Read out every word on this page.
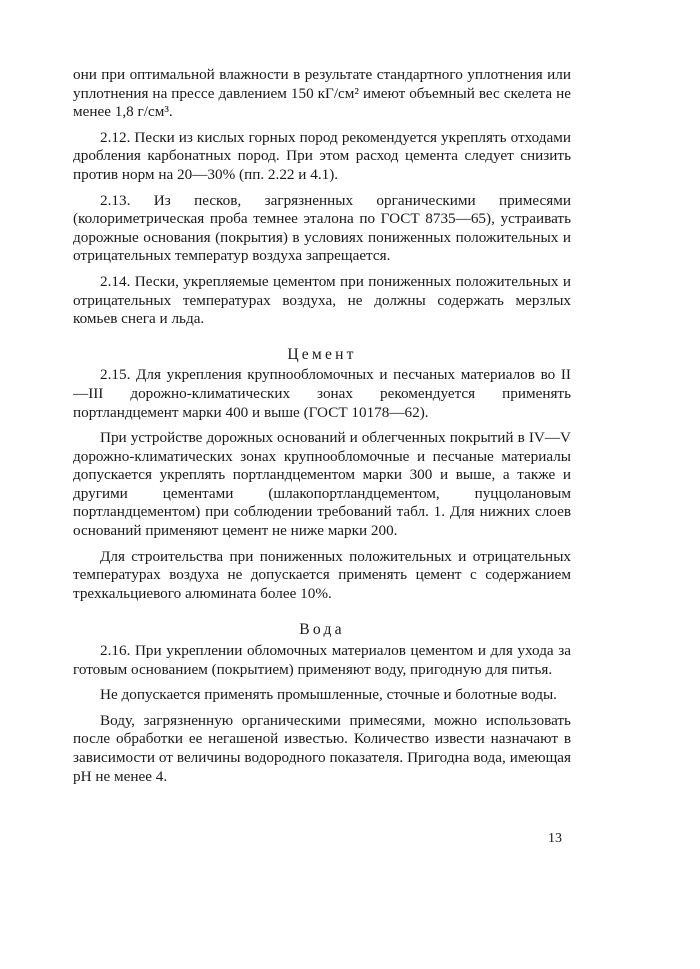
они при оптимальной влажности в результате стандартного уплотнения или уплотнения на прессе давлением 150 кГ/см² имеют объемный вес скелета не менее 1,8 г/см³.

2.12. Пески из кислых горных пород рекомендуется укреплять отходами дробления карбонатных пород. При этом расход цемента следует снизить против норм на 20—30% (пп. 2.22 и 4.1).

2.13. Из песков, загрязненных органическими примесями (колориметрическая проба темнее эталона по ГОСТ 8735—65), устраивать дорожные основания (покрытия) в условиях пониженных положительных и отрицательных температур воздуха запрещается.

2.14. Пески, укрепляемые цементом при пониженных положительных и отрицательных температурах воздуха, не должны содержать мерзлых комьев снега и льда.

Цемент

2.15. Для укрепления крупнообломочных и песчаных материалов во II—III дорожно-климатических зонах рекомендуется применять портландцемент марки 400 и выше (ГОСТ 10178—62).

При устройстве дорожных оснований и облегченных покрытий в IV—V дорожно-климатических зонах крупнообломочные и песчаные материалы допускается укреплять портландцементом марки 300 и выше, а также и другими цементами (шлакопортландцементом, пуццолановым портландцементом) при соблюдении требований табл. 1. Для нижних слоев оснований применяют цемент не ниже марки 200.

Для строительства при пониженных положительных и отрицательных температурах воздуха не допускается применять цемент с содержанием трехкальциевого алюмината более 10%.

Вода

2.16. При укреплении обломочных материалов цементом и для ухода за готовым основанием (покрытием) применяют воду, пригодную для питья.

Не допускается применять промышленные, сточные и болотные воды.

Воду, загрязненную органическими примесями, можно использовать после обработки ее негашеной известью. Количество извести назначают в зависимости от величины водородного показателя. Пригодна вода, имеющая pH не менее 4.

13
